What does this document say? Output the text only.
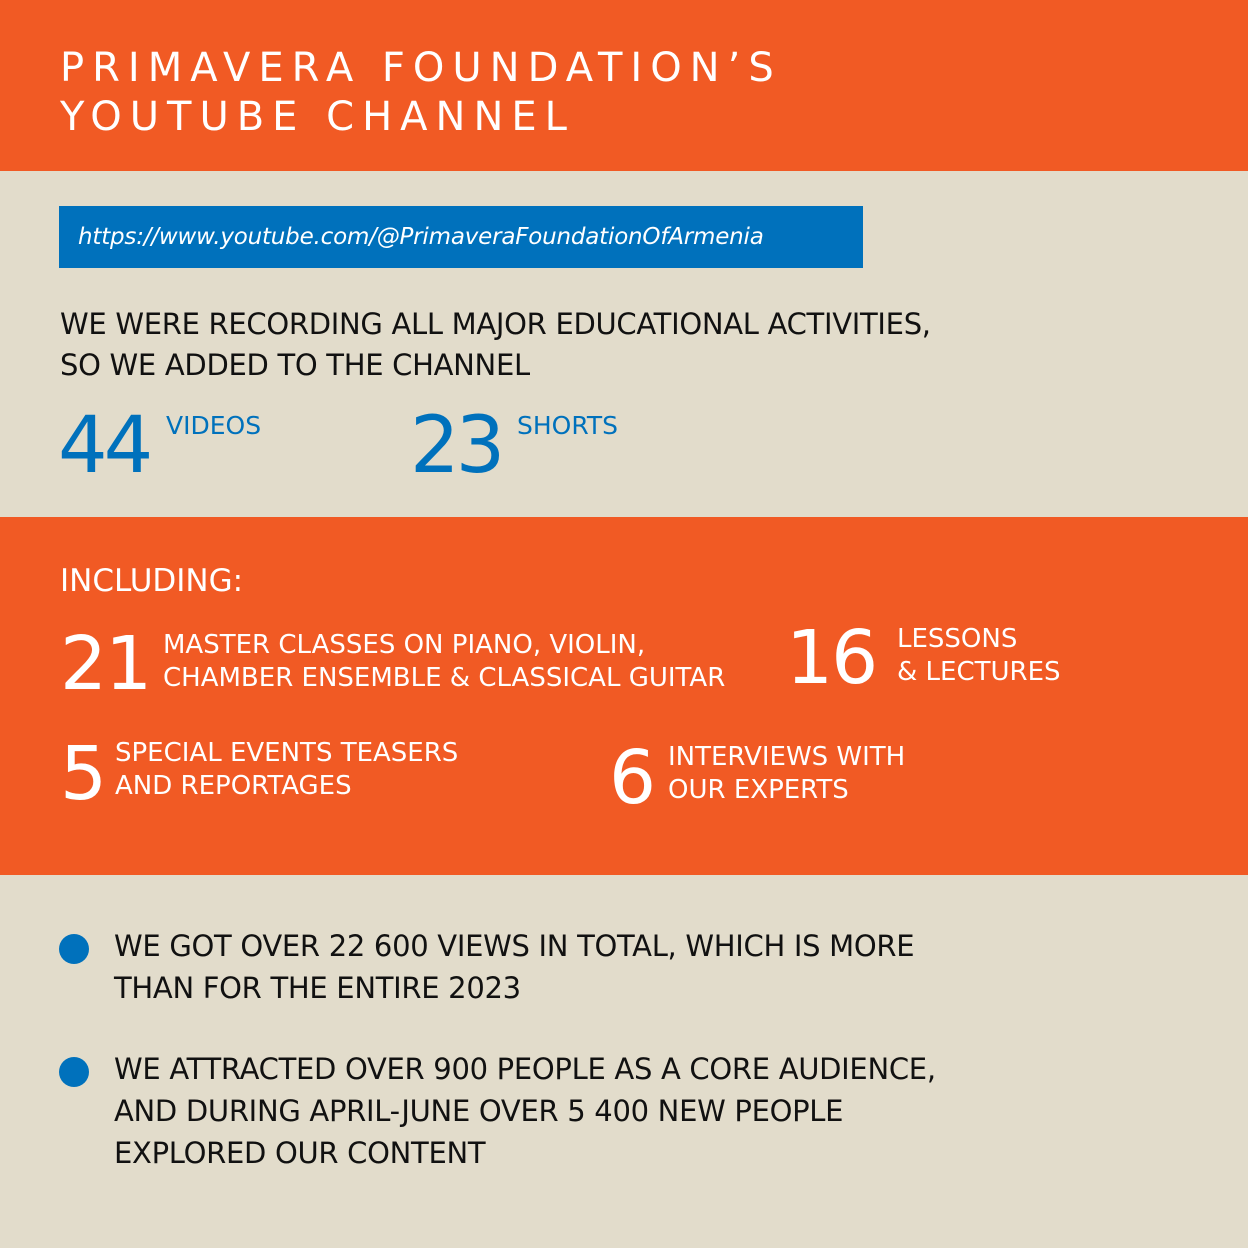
PRIMAVERA FOUNDATION’S
YOUTUBE CHANNEL
https://www.youtube.com/@PrimaveraFoundationOfArmenia

WE WERE RECORDING ALL MAJOR EDUCATIONAL ACTIVITIES,
SO WE ADDED TO THE CHANNEL

44 VIDEOS 23 SHORTS
INCLUDING:
21 MASTER CLASSES ON PIANO, VIOLIN,
CHAMBER ENSEMBLE & CLASSICAL GUITAR 16 LESSONS
& LECTURES
5 SPECIAL EVENTS TEASERS
AND REPORTAGES	6 INTERVIEWS WITH
OUR EXPERTS
WE GOT OVER 22 600 VIEWS IN TOTAL, WHICH IS MORE
THAN FOR THE ENTIRE 2023
WE ATTRACTED OVER 900 PEOPLE AS A CORE AUDIENCE,
AND DURING APRIL-JUNE OVER 5 400 NEW PEOPLE
EXPLORED OUR CONTENT
